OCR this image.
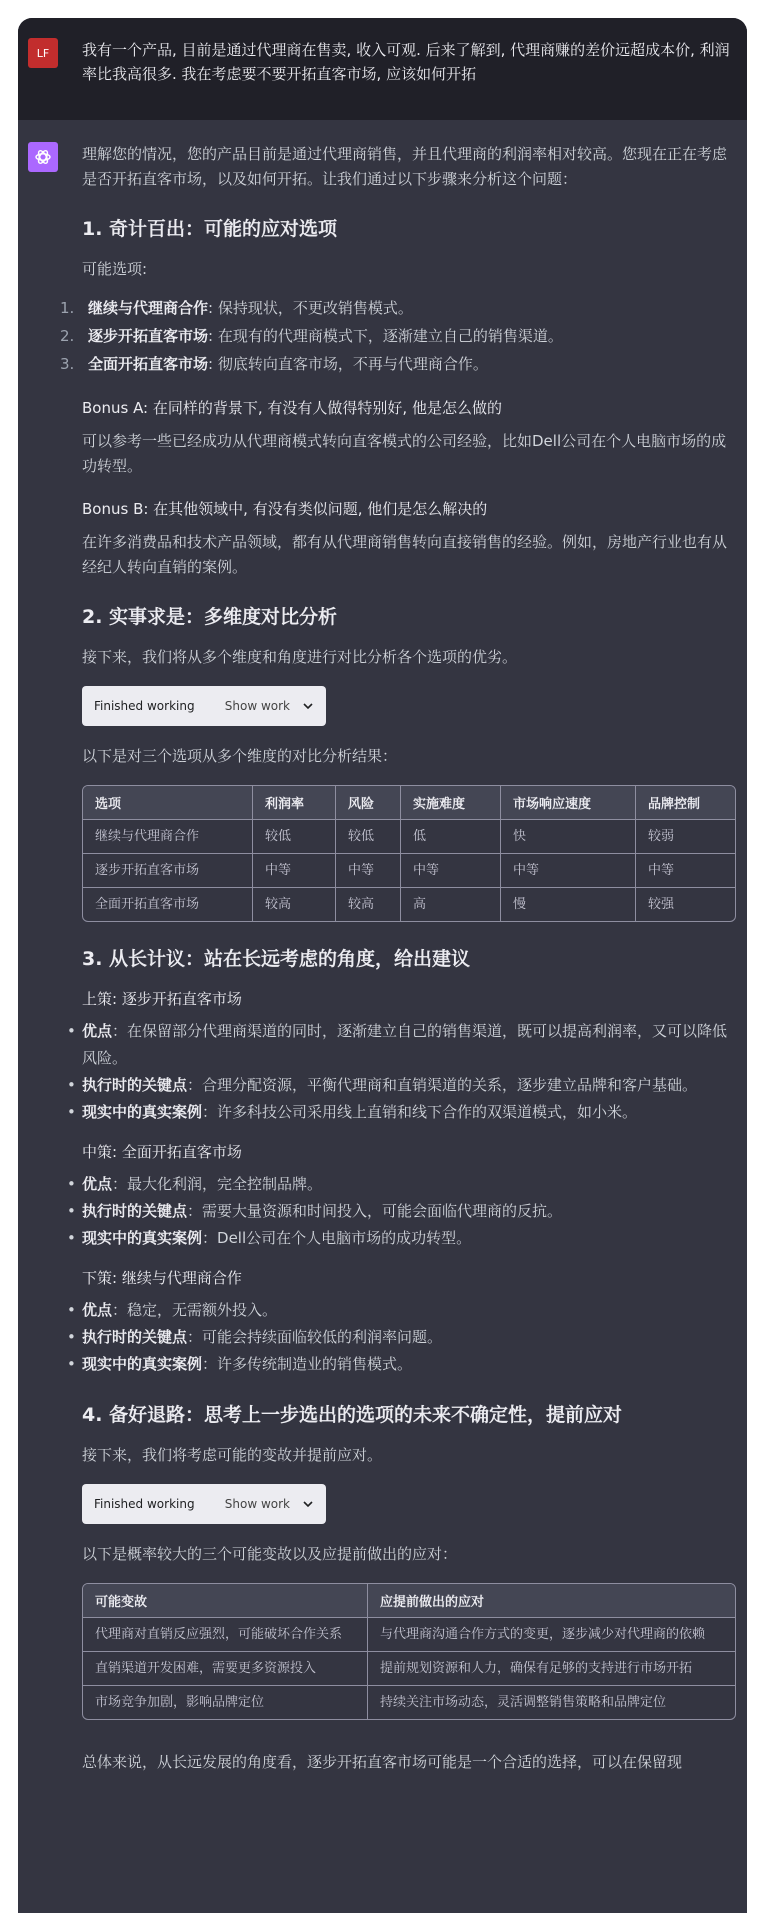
LF 我有一个产品, 目前是通过代理商在售卖, 收入可观. 后来了解到, 代理商赚的差价远超成本价, 利润率比我高很多. 我在考虑要不要开拓直客市场, 应该如何开拓
理解您的情况，您的产品目前是通过代理商销售，并且代理商的利润率相对较高。您现在正在考虑是否开拓直客市场，以及如何开拓。让我们通过以下步骤来分析这个问题：
1. 奇计百出：可能的应对选项
可能选项:
1. 继续与代理商合作: 保持现状，不更改销售模式。
2. 逐步开拓直客市场: 在现有的代理商模式下，逐渐建立自己的销售渠道。
3. 全面开拓直客市场: 彻底转向直客市场，不再与代理商合作。
Bonus A: 在同样的背景下, 有没有人做得特别好, 他是怎么做的
可以参考一些已经成功从代理商模式转向直客模式的公司经验，比如Dell公司在个人电脑市场的成功转型。
Bonus B: 在其他领域中, 有没有类似问题, 他们是怎么解决的
在许多消费品和技术产品领域，都有从代理商销售转向直接销售的经验。例如，房地产行业也有从经纪人转向直销的案例。
2. 实事求是：多维度对比分析
接下来，我们将从多个维度和角度进行对比分析各个选项的优劣。
Finished working	Show work
以下是对三个选项从多个维度的对比分析结果：
选项	利润率	风险	实施难度	市场响应速度	品牌控制
继续与代理商合作	较低	较低	低	快	较弱
逐步开拓直客市场	中等	中等	中等	中等	中等
全面开拓直客市场	较高	较高	高	慢	较强
3. 从长计议：站在长远考虑的角度，给出建议
上策: 逐步开拓直客市场
• 优点：在保留部分代理商渠道的同时，逐渐建立自己的销售渠道，既可以提高利润率，又可以降低风险。
• 执行时的关键点：合理分配资源，平衡代理商和直销渠道的关系，逐步建立品牌和客户基础。
• 现实中的真实案例：许多科技公司采用线上直销和线下合作的双渠道模式，如小米。
中策: 全面开拓直客市场
• 优点：最大化利润，完全控制品牌。
• 执行时的关键点：需要大量资源和时间投入，可能会面临代理商的反抗。
• 现实中的真实案例：Dell公司在个人电脑市场的成功转型。
下策: 继续与代理商合作
• 优点：稳定，无需额外投入。
• 执行时的关键点：可能会持续面临较低的利润率问题。
• 现实中的真实案例：许多传统制造业的销售模式。
4. 备好退路：思考上一步选出的选项的未来不确定性，提前应对
接下来，我们将考虑可能的变故并提前应对。
Finished working	Show work
以下是概率较大的三个可能变故以及应提前做出的应对：
可能变故	应提前做出的应对
代理商对直销反应强烈，可能破坏合作关系	与代理商沟通合作方式的变更，逐步减少对代理商的依赖
直销渠道开发困难，需要更多资源投入	提前规划资源和人力，确保有足够的支持进行市场开拓
市场竞争加剧，影响品牌定位	持续关注市场动态，灵活调整销售策略和品牌定位
总体来说，从长远发展的角度看，逐步开拓直客市场可能是一个合适的选择，可以在保留现
